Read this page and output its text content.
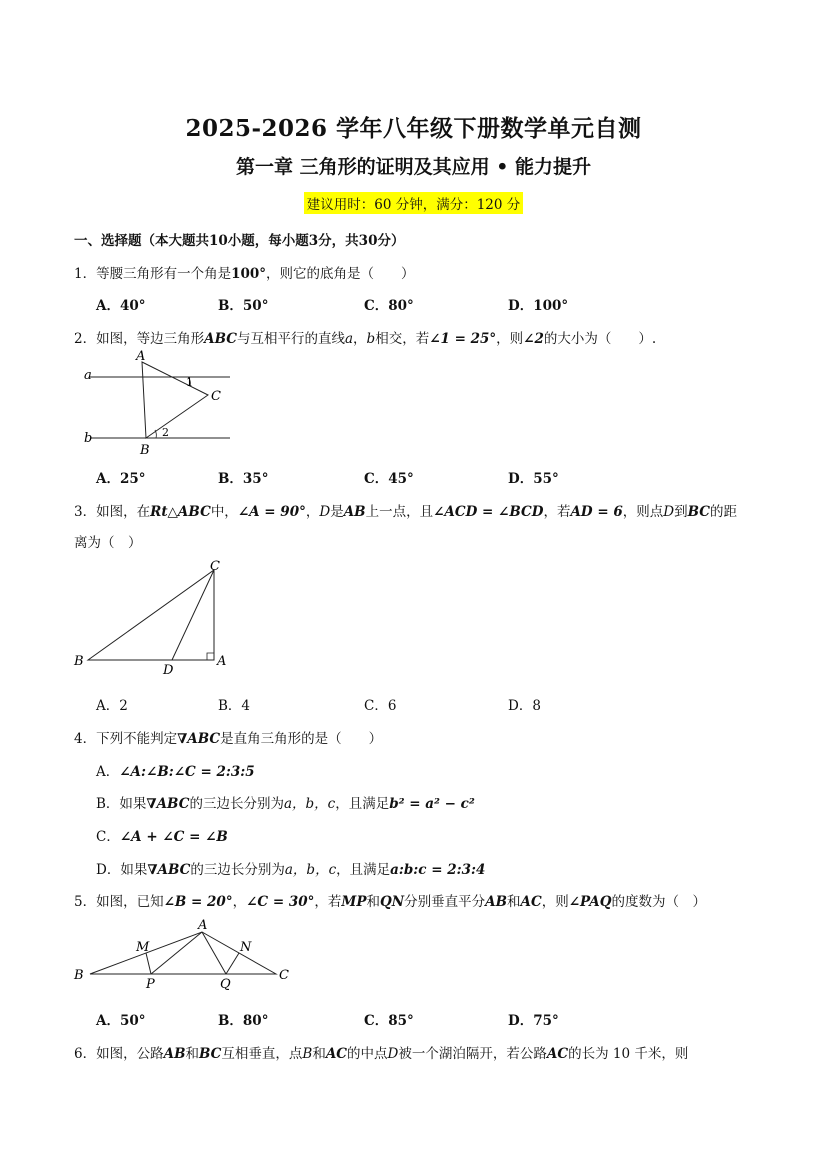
2025-2026 学年八年级下册数学单元自测
第一章 三角形的证明及其应用 • 能力提升
建议用时：60 分钟，满分：120 分
一、选择题（本大题共10小题，每小题3分，共30分）
1．等腰三角形有一个角是100°，则它的底角是（　　）
A．40°	B．50°	C．80°	D．100°
2．如图，等边三角形ABC与互相平行的直线a，b相交，若∠1 = 25°，则∠2的大小为（　　）.
a
b
A
B
C
1
2
A．25°	B．35°	C．45°	D．55°
3．如图，在Rt△ABC中，∠A = 90°，D是AB上一点，且∠ACD = ∠BCD，若AD = 6，则点D到BC的距
离为（　）
C
B
D
A
A．2	B．4	C．6	D．8
4．下列不能判定∇ABC是直角三角形的是（　　）
A．∠A:∠B:∠C = 2:3:5
B．如果∇ABC的三边长分别为a，b，c，且满足b² = a² − c²
C．∠A + ∠C = ∠B
D．如果∇ABC的三边长分别为a，b，c，且满足a:b:c = 2:3:4
5．如图，已知∠B = 20°，∠C = 30°，若MP和QN分别垂直平分AB和AC，则∠PAQ的度数为（　）
A
M	N
B
P	Q
C
A．50°	B．80°	C．85°	D．75°
6．如图，公路AB和BC互相垂直，点B和AC的中点D被一个湖泊隔开，若公路AC的长为 10 千米，则
